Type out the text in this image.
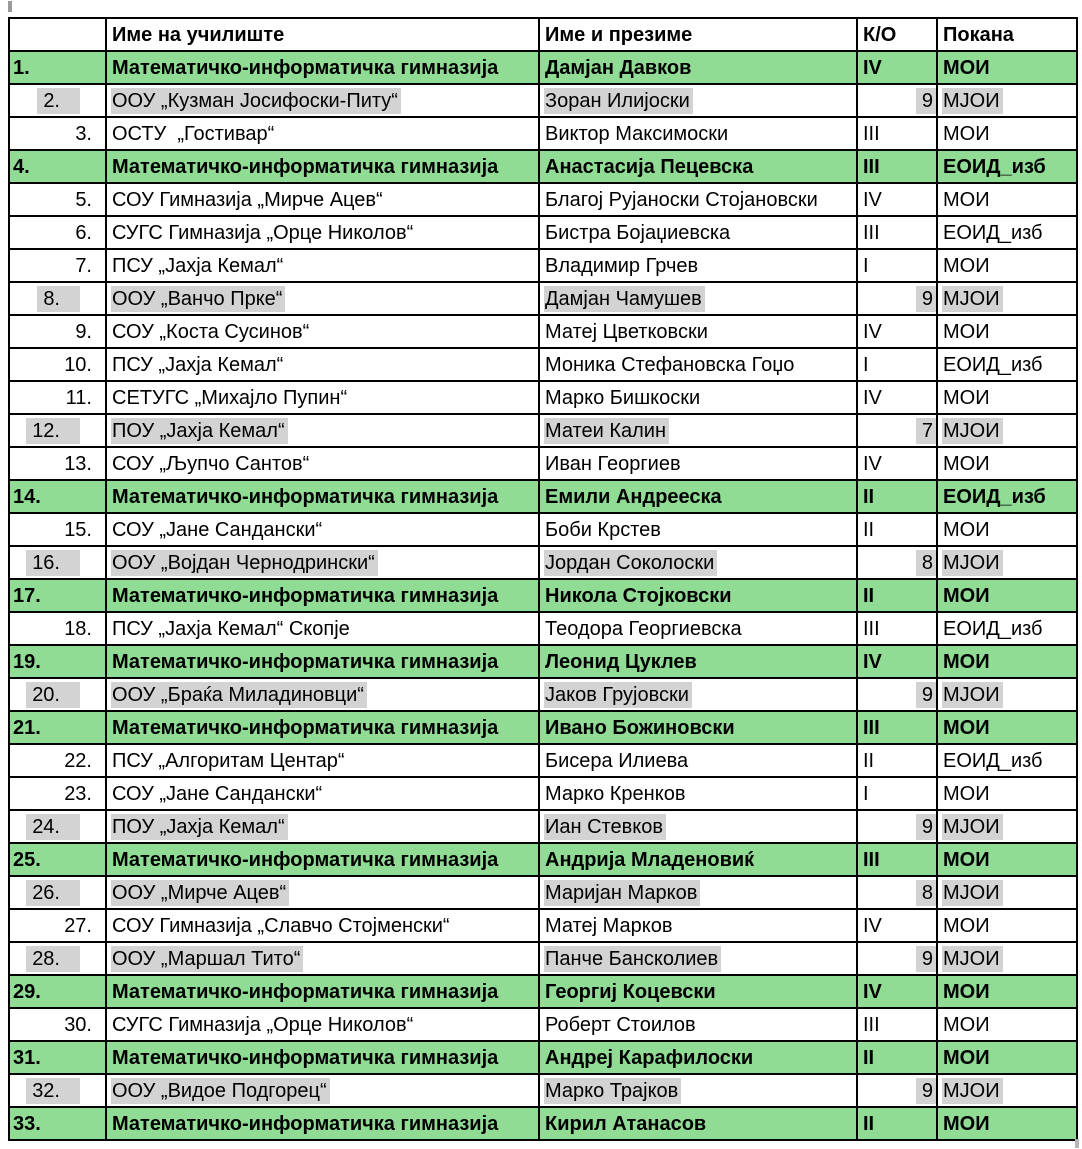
	Име на училиште	Име и презиме	К/О	Покана
1.	Математичко-информатичка гимназија	Дамјан Давков	IV	МОИ
2.	ООУ „Кузман Јосифоски-Питу“	Зоран Илијоски	9	МЈОИ
3.	ОСТУ  „Гостивар“	Виктор Максимоски	III	МОИ
4.	Математичко-информатичка гимназија	Анастасија Пецевска	III	ЕОИД_изб
5.	СОУ Гимназија „Мирче Ацев“	Благој Рујаноски Стојановски	IV	МОИ
6.	СУГС Гимназија „Орце Николов“	Бистра Бојаџиевска	III	ЕОИД_изб
7.	ПСУ „Јахја Кемал“	Владимир Грчев	I	МОИ
8.	ООУ „Ванчо Прке“	Дамјан Чамушев	9	МЈОИ
9.	СОУ „Коста Сусинов“	Матеј Цветковски	IV	МОИ
10.	ПСУ „Јахја Кемал“	Моника Стефановска Гоџо	I	ЕОИД_изб
11.	СЕТУГС „Михајло Пупин“	Марко Бишкоски	IV	МОИ
12.	ПОУ „Јахја Кемал“	Матеи Калин	7	МЈОИ
13.	СОУ „Љупчо Сантов“	Иван Георгиев	IV	МОИ
14.	Математичко-информатичка гимназија	Емили Андрееска	II	ЕОИД_изб
15.	СОУ „Јане Сандански“	Боби Крстев	II	МОИ
16.	ООУ „Војдан Чернодрински“	Јордан Соколоски	8	МЈОИ
17.	Математичко-информатичка гимназија	Никола Стојковски	II	МОИ
18.	ПСУ „Јахја Кемал“ Скопје	Теодора Георгиевска	III	ЕОИД_изб
19.	Математичко-информатичка гимназија	Леонид Цуклев	IV	МОИ
20.	ООУ „Браќа Миладиновци“	Јаков Грујовски	9	МЈОИ
21.	Математичко-информатичка гимназија	Ивано Божиновски	III	МОИ
22.	ПСУ „Алгоритам Центар“	Бисера Илиева	II	ЕОИД_изб
23.	СОУ „Јане Сандански“	Марко Кренков	I	МОИ
24.	ПОУ „Јахја Кемал“	Иан Стевков	9	МЈОИ
25.	Математичко-информатичка гимназија	Андрија Младеновиќ	III	МОИ
26.	ООУ „Мирче Ацев“	Маријан Марков	8	МЈОИ
27.	СОУ Гимназија „Славчо Стојменски“	Матеј Марков	IV	МОИ
28.	ООУ „Маршал Тито“	Панче Бансколиев	9	МЈОИ
29.	Математичко-информатичка гимназија	Георгиј Коцевски	IV	МОИ
30.	СУГС Гимназија „Орце Николов“	Роберт Стоилов	III	МОИ
31.	Математичко-информатичка гимназија	Андреј Карафилоски	II	МОИ
32.	ООУ „Видое Подгорец“	Марко Трајков	9	МЈОИ
33.	Математичко-информатичка гимназија	Кирил Атанасов	II	МОИ
